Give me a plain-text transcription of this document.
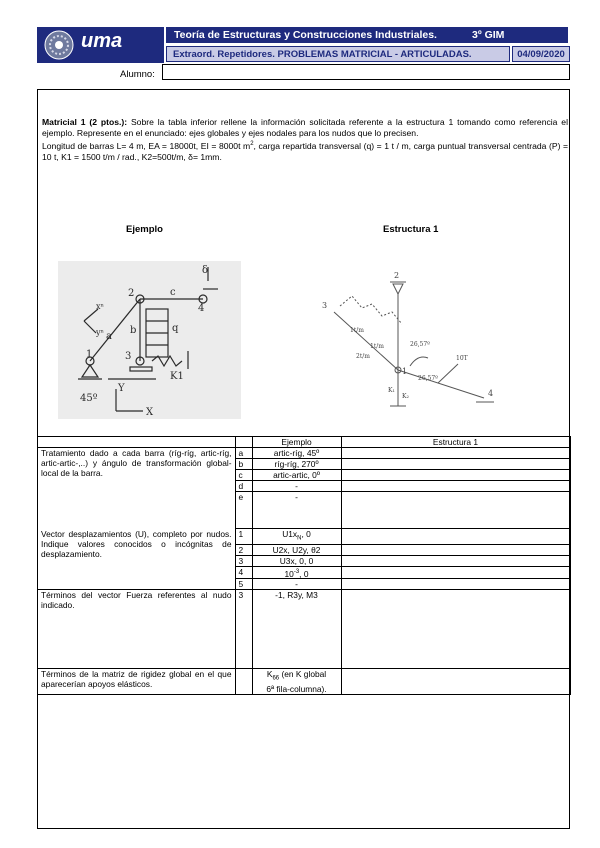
uma	Teoría de Estructuras y Construcciones Industriales.	3º GIM
Extraord. Repetidores. PROBLEMAS MATRICIAL - ARTICULADAS.	04/09/2020
Alumno:
Matricial 1 (2 ptos.): Sobre la tabla inferior rellene la información solicitada referente a la estructura 1 tomando como referencia el ejemplo. Represente en el enunciado: ejes globales y ejes nodales para los nudos que lo precisen.
Longitud de barras L= 4 m, EA = 18000t, EI = 8000t $m^2$, carga repartida transversal (q) = 1 t / m, carga puntual transversal centrada (P) = 10 t, K1 = 1500 t/m / rad., K2=500t/m, δ= 1mm.
Ejemplo	Estructura 1
1
2
3
4
a
b
c
q
δ
K1
45º
Y
X
xⁿ
yⁿ
2
3
1
4
1t/m
26,57º
26,57º
10T
K₁
K₂
1t/m
2t/m
		Ejemplo	Estructura 1
Tratamiento dado a cada barra (ríg-ríg, artic-ríg, artic-artic-,..) y ángulo de transformación global-local de la barra.	a	artic-ríg, 45º	
	b	ríg-ríg, 270º	
	c	artic-artic, 0º	
	d	-	
	e	-	
Vector desplazamientos (U), completo por nudos. Indique valores conocidos o incógnitas de desplazamiento.	1	$U1x_N$, 0	
	2	U2x, U2y, θ2	
	3	U3x, 0, 0	
	4	$10^{-3}$, 0	
	5	-	
Términos del vector Fuerza referentes al nudo indicado.	3	-1, R3y, M3	
Términos de la matriz de rigidez global en el que aparecerían apoyos elásticos.		$K_{66}$ (en K global
6ª fila-columna).	
